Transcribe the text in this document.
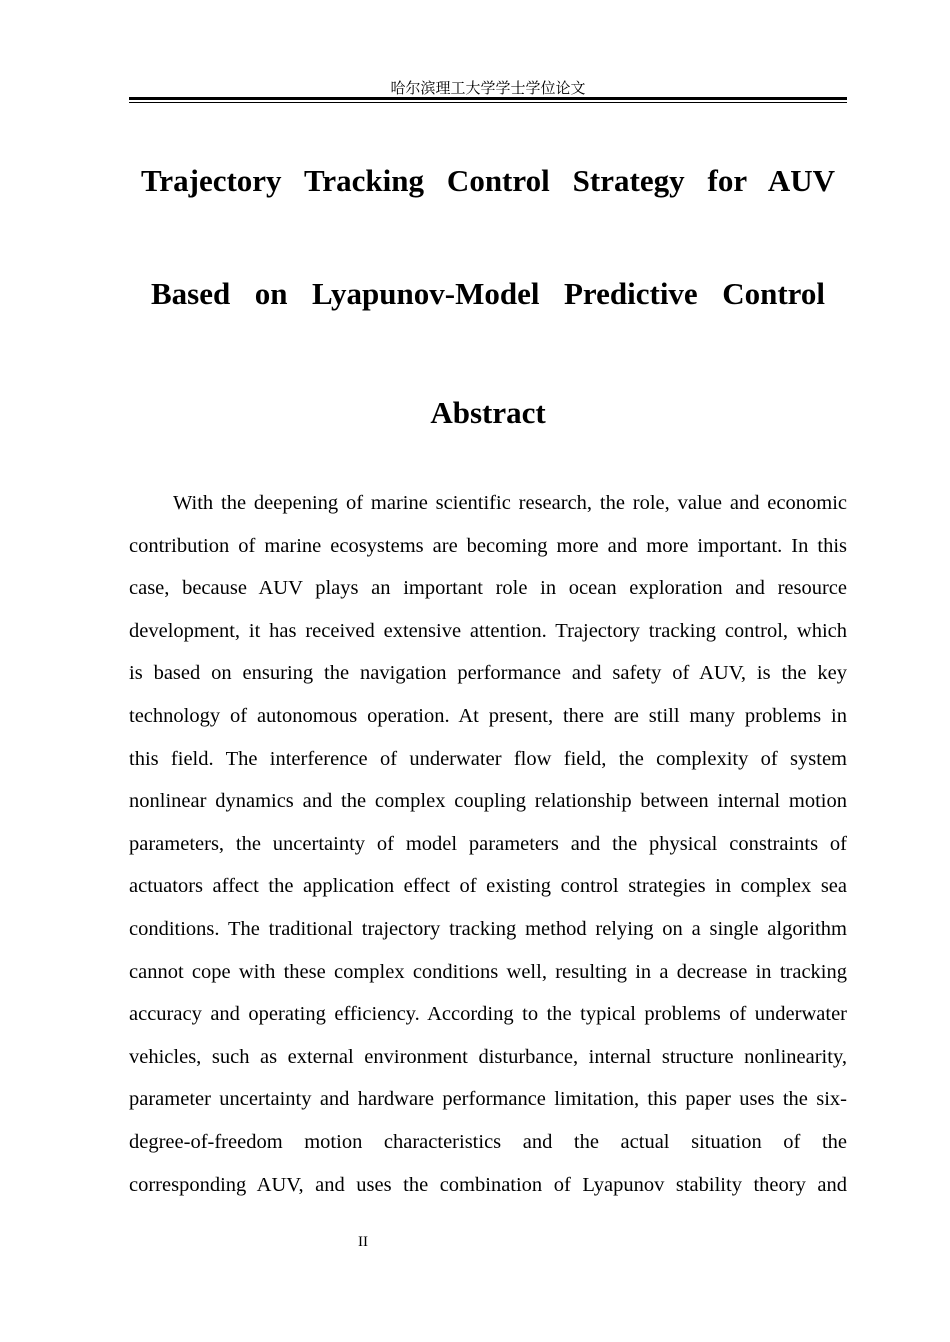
哈尔滨理工大学学士学位论文
Trajectory Tracking Control Strategy for AUV
Based on Lyapunov-Model Predictive Control
Abstract
With the deepening of marine scientific research, the role, value and economic
contribution of marine ecosystems are becoming more and more important. In this
case, because AUV plays an important role in ocean exploration and resource
development, it has received extensive attention. Trajectory tracking control, which
is based on ensuring the navigation performance and safety of AUV, is the key
technology of autonomous operation. At present, there are still many problems in
this field. The interference of underwater flow field, the complexity of system
nonlinear dynamics and the complex coupling relationship between internal motion
parameters, the uncertainty of model parameters and the physical constraints of
actuators affect the application effect of existing control strategies in complex sea
conditions. The traditional trajectory tracking method relying on a single algorithm
cannot cope with these complex conditions well, resulting in a decrease in tracking
accuracy and operating efficiency. According to the typical problems of underwater
vehicles, such as external environment disturbance, internal structure nonlinearity,
parameter uncertainty and hardware performance limitation, this paper uses the six-
degree-of-freedom motion characteristics and the actual situation of the
corresponding AUV, and uses the combination of Lyapunov stability theory and
II
